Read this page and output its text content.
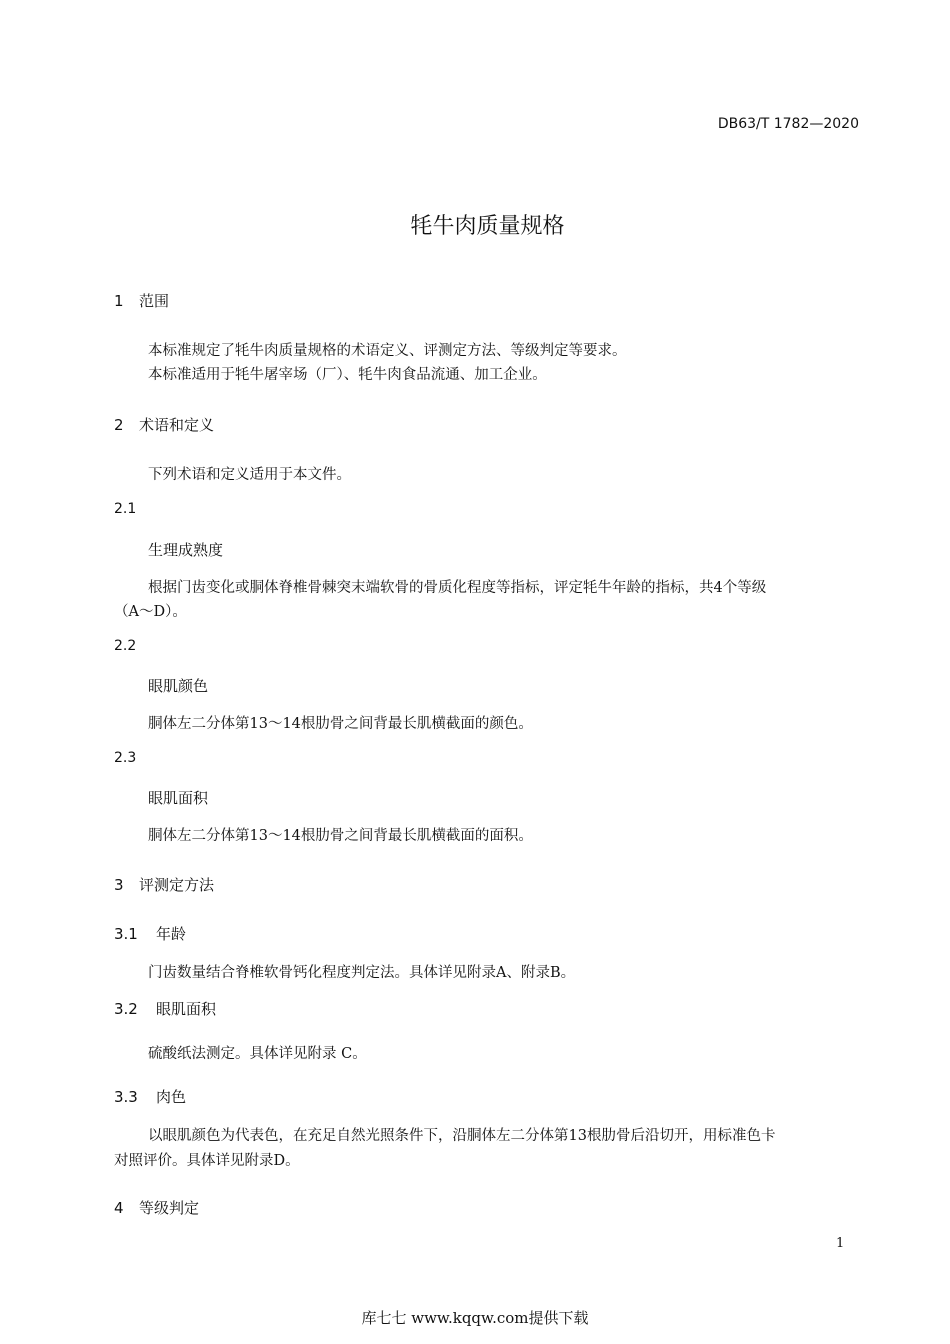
DB63/T 1782—2020
牦牛肉质量规格
1 范围
本标准规定了牦牛肉质量规格的术语定义、评测定方法、等级判定等要求。
本标准适用于牦牛屠宰场（厂）、牦牛肉食品流通、加工企业。
2 术语和定义
下列术语和定义适用于本文件。
2.1
生理成熟度
根据门齿变化或胴体脊椎骨棘突末端软骨的骨质化程度等指标，评定牦牛年龄的指标，共4个等级
（A～D）。
2.2
眼肌颜色
胴体左二分体第13～14根肋骨之间背最长肌横截面的颜色。
2.3
眼肌面积
胴体左二分体第13～14根肋骨之间背最长肌横截面的面积。
3 评测定方法
3.1 年龄
门齿数量结合脊椎软骨钙化程度判定法。具体详见附录A、附录B。
3.2 眼肌面积
硫酸纸法测定。具体详见附录 C。
3.3 肉色
以眼肌颜色为代表色，在充足自然光照条件下，沿胴体左二分体第13根肋骨后沿切开，用标准色卡
对照评价。具体详见附录D。
4 等级判定
1
库七七 www.kqqw.com提供下载
